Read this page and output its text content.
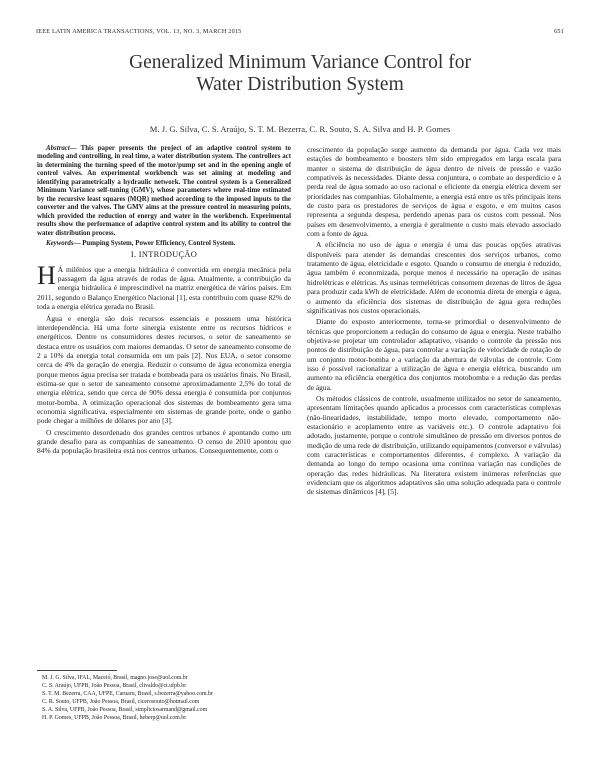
IEEE LATIN AMERICA TRANSACTIONS, VOL. 13, NO. 3, MARCH 2015	651
Generalized Minimum Variance Control for
Water Distribution System
M. J. G. Silva, C. S. Araújo, S. T. M. Bezerra, C. R. Souto, S. A. Silva and H. P. Gomes

Abstract— This paper presents the project of an adaptive control system to modeling and controlling, in real time, a water distribution system. The controllers act in determining the turning speed of the motor/pump set and in the opening angle of control valves. An experimental workbench was set aiming at modeling and identifying parametrically a hydraulic network. The control system is a Generalized Minimum Variance self-tuning (GMV), whose parameters where real-time estimated by the recursive least squares (MQR) method according to the imposed inputs to the converter and the valves. The GMV aims at the pressure control in measuring points, which provided the reduction of energy and water in the workbench. Experimental results show the performance of adaptive control system and its ability to control the water distribution process.

Keywords— Pumping System, Power Efficiency, Control System.

I. INTRODUÇÃO

H Á milênios que a energia hidráulica é convertida em energia mecânica pela passagem da água através de rodas de água. Atualmente, a contribuição da energia hidráulica é imprescindível na matriz energética de vários países. Em 2011, segundo o Balanço Energético Nacional [1], esta contribuiu com quase 82% de toda a energia elétrica gerada no Brasil.

Água e energia são dois recursos essenciais e possuem uma histórica interdependência. Há uma forte sinergia existente entre os recursos hídricos e energéticos. Dentre os consumidores destes recursos, o setor de saneamento se destaca entre os usuários com maiores demandas. O setor de saneamento consome de 2 a 10% da energia total consumida em um país [2]. Nos EUA, o setor consome cerca de 4% da geração de energia. Reduzir o consumo de água economiza energia porque menos água precisa ser tratada e bombeada para os usuários finais. No Brasil, estima-se que o setor de saneamento consome aproximadamente 2,5% do total de energia elétrica, sendo que cerca de 90% dessa energia é consumida por conjuntos motor-bomba. A otimização operacional dos sistemas de bombeamento gera uma economia significativa, especialmente em sistemas de grande porte, onde o ganho pode chegar a milhões de dólares por ano [3].

O crescimento desordenado dos grandes centros urbanos é apontando como um grande desafio para as companhias de saneamento. O censo de 2010 apontou que 84% da população brasileira está nos centros urbanos. Consequentemente, com o

crescimento da população surge aumento da demanda por água. Cada vez mais estações de bombeamento e boosters têm sido empregados em larga escala para manter o sistema de distribuição de água dentro de níveis de pressão e vazão compatíveis às necessidades. Diante dessa conjuntura, o combate ao desperdício e à perda real de água somado ao uso racional e eficiente da energia elétrica devem ser prioridades nas companhias. Globalmente, a energia está entre os três principais itens de custo para os prestadores de serviços de água e esgoto, e em muitos casos representa a segunda despesa, perdendo apenas para os custos com pessoal. Nos países em desenvolvimento, a energia é geralmente o custo mais elevado associado com a fonte de água.

A eficiência no uso de água e energia é uma das poucas opções atrativas disponíveis para atender às demandas crescentes dos serviços urbanos, como tratamento de água, eletricidade e esgoto. Quando o consumo de energia é reduzido, água também é economizada, porque menos é necessário na operação de usinas hidrelétricas e elétricas. As usinas termelétricas consomem dezenas de litros de água para produzir cada kWh de eletricidade. Além de economia direta de energia e água, o aumento da eficiência dos sistemas de distribuição de água gera reduções significativas nos custos operacionais.

Diante do exposto anteriormente, torna-se primordial o desenvolvimento de técnicas que proporcionem a redução do consumo de água e energia. Neste trabalho objetiva-se projetar um controlador adaptativo, visando o controle da pressão nos pontos de distribuição de água, para controlar a variação de velocidade de rotação de um conjunto motor-bomba e a variação da abertura de válvulas de controle. Com isso é possível racionalizar a utilização de água e energia elétrica, buscando um aumento na eficiência energética dos conjuntos motobomba e a redução das perdas de água.

Os métodos clássicos de controle, usualmente utilizados no setor de saneamento, apresentam limitações quando aplicados a processos com características complexas (não-linearidades, instabilidade, tempo morto elevado, comportamento não-estacionário e acoplamento entre as variáveis etc.). O controle adaptativo foi adotado, justamente, porque o controle simultâneo de pressão em diversos pontos de medição de uma rede de distribuição, utilizando equipamentos (conversor e válvulas) com características e comportamentos diferentes, é complexo. A variação da demanda ao longo do tempo ocasiona uma contínua variação nas condições de operação das redes hidráulicas. Na literatura existem inúmeras referências que evidenciam que os algoritmos adaptativos são uma solução adequada para o controle de sistemas dinâmicos [4], [5].

M. J. G. Silva, IFAL, Maceió, Brasil, magno.jose@uol.com.br
C. S. Araújo, UFPB, João Pessoa, Brasil, clivaldo@ct.ufpb.br
S. T. M. Bezerra, CAA, UFPE, Caruaru, Brasil, s.bezerra@yahoo.com.br
C. R. Souto, UFPB, João Pessoa, Brasil, cicerosouto@hotmail.com
S. A. Silva, UFPB, João Pessoa, Brasil, simpliciosarmand@gmail.com
H. P. Gomes, UFPB, João Pessoa, Brasil, heberp@uol.com.br
